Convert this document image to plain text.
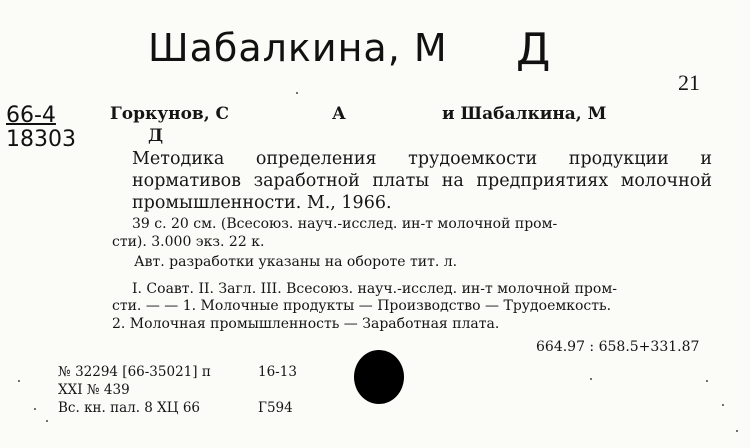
Шабалкина, М Д
21
66-4
18303
Горкунов, С	А	и Шабалкина, М
Д
Методика определения трудоемкости продукции и нормативов заработной платы на предприятиях молочной промышленности. М., 1966.
39 с. 20 см. (Всесоюз. науч.-исслед. ин-т молочной пром-
сти). 3.000 экз. 22 к.
Авт. разработки указаны на обороте тит. л.
I. Соавт. II. Загл. III. Всесоюз. науч.-исслед. ин-т молочной пром-
сти. — — 1. Молочные продукты — Производство — Трудоемкость.
2. Молочная промышленность — Заработная плата.
664.97 : 658.5+331.87
№ 32294 [66-35021] п	16-13
XXI № 439
Вс. кн. пал. 8 ХЦ 66	Г594
